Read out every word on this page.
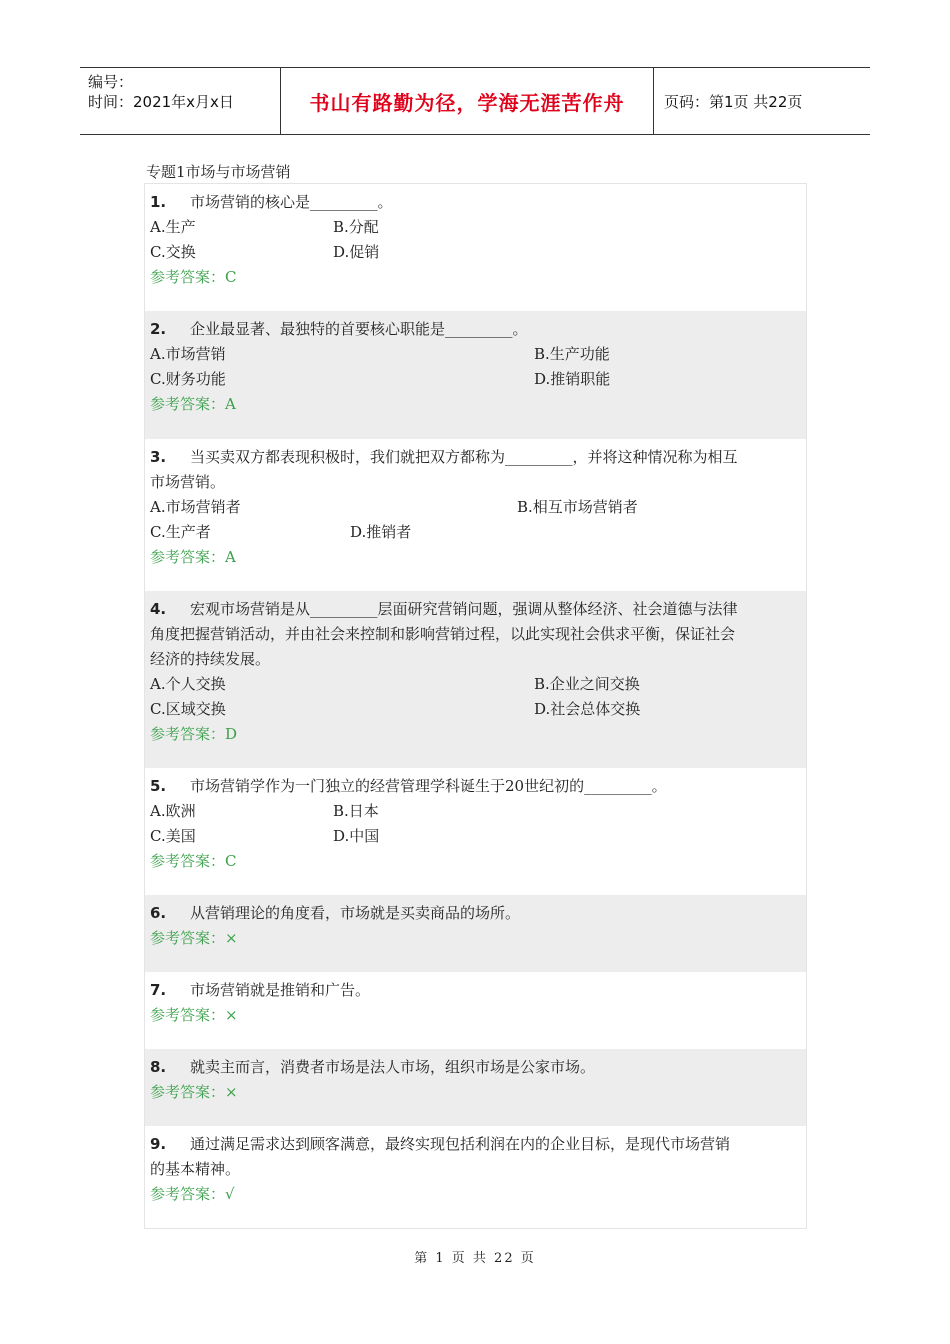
编号：
时间：2021年x月x日	书山有路勤为径，学海无涯苦作舟	页码：第1页 共22页
专题1市场与市场营销
1.	市场营销的核心是_________。
A.生产	B.分配
C.交换	D.促销
参考答案：C
2.	企业最显著、最独特的首要核心职能是_________。
A.市场营销	B.生产功能
C.财务功能	D.推销职能
参考答案：A
3.	当买卖双方都表现积极时，我们就把双方都称为_________，并将这种情况称为相互
市场营销。
A.市场营销者	B.相互市场营销者
C.生产者	D.推销者
参考答案：A
4.	宏观市场营销是从_________层面研究营销问题，强调从整体经济、社会道德与法律
角度把握营销活动，并由社会来控制和影响营销过程，以此实现社会供求平衡，保证社会
经济的持续发展。
A.个人交换	B.企业之间交换
C.区域交换	D.社会总体交换
参考答案：D
5.	市场营销学作为一门独立的经营管理学科诞生于20世纪初的_________。
A.欧洲	B.日本
C.美国	D.中国
参考答案：C
6.	从营销理论的角度看，市场就是买卖商品的场所。
参考答案：×
7.	市场营销就是推销和广告。
参考答案：×
8.	就卖主而言，消费者市场是法人市场，组织市场是公家市场。
参考答案：×
9.	通过满足需求达到顾客满意，最终实现包括利润在内的企业目标，是现代市场营销
的基本精神。
参考答案：√
第 1 页 共 22 页
